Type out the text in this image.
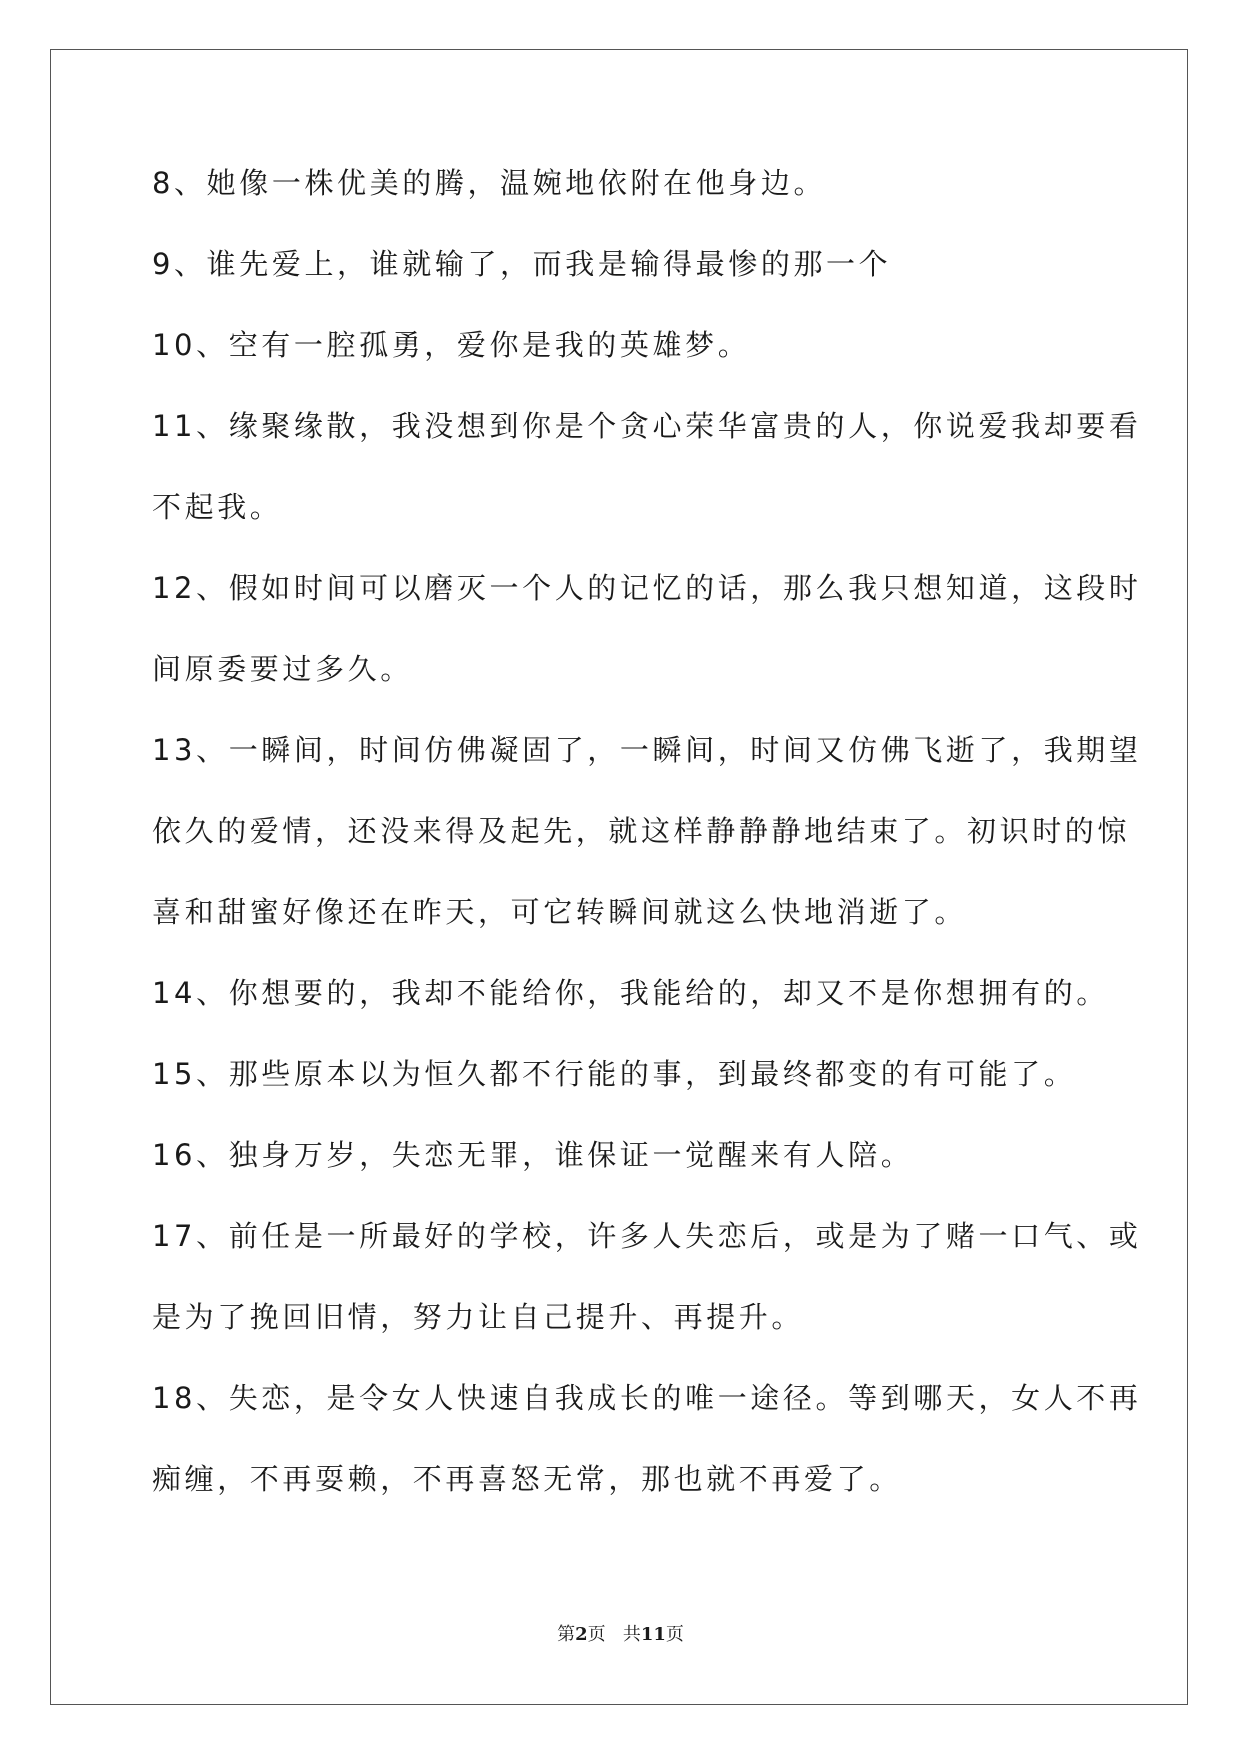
8、她像一株优美的腾，温婉地依附在他身边。
9、谁先爱上，谁就输了，而我是输得最惨的那一个
10、空有一腔孤勇，爱你是我的英雄梦。
11、缘聚缘散，我没想到你是个贪心荣华富贵的人，你说爱我却要看
不起我。
12、假如时间可以磨灭一个人的记忆的话，那么我只想知道，这段时
间原委要过多久。
13、一瞬间，时间仿佛凝固了，一瞬间，时间又仿佛飞逝了，我期望
依久的爱情，还没来得及起先，就这样静静静地结束了。初识时的惊
喜和甜蜜好像还在昨天，可它转瞬间就这么快地消逝了。
14、你想要的，我却不能给你，我能给的，却又不是你想拥有的。
15、那些原本以为恒久都不行能的事，到最终都变的有可能了。
16、独身万岁，失恋无罪，谁保证一觉醒来有人陪。
17、前任是一所最好的学校，许多人失恋后，或是为了赌一口气、或
是为了挽回旧情，努力让自己提升、再提升。
18、失恋，是令女人快速自我成长的唯一途径。等到哪天，女人不再
痴缠，不再耍赖，不再喜怒无常，那也就不再爱了。
第2页 共11页
